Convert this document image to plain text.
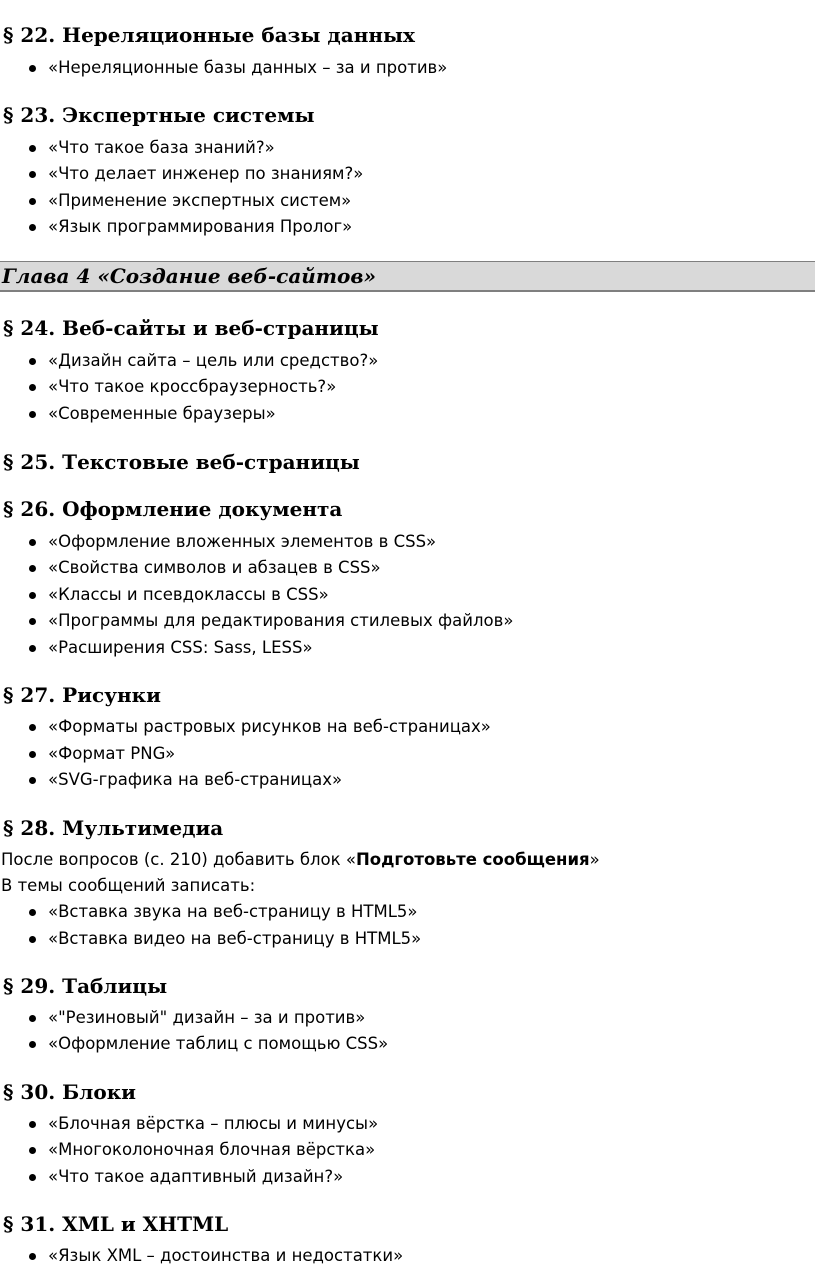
§ 22. Нереляционные базы данных
«Нереляционные базы данных – за и против»
§ 23. Экспертные системы
«Что такое база знаний?»
«Что делает инженер по знаниям?»
«Применение экспертных систем»
«Язык программирования Пролог»
Глава 4 «Создание веб-сайтов»
§ 24. Веб-сайты и веб-страницы
«Дизайн сайта – цель или средство?»
«Что такое кроссбраузерность?»
«Современные браузеры»
§ 25. Текстовые веб-страницы
§ 26. Оформление документа
«Оформление вложенных элементов в CSS»
«Свойства символов и абзацев в CSS»
«Классы и псевдоклассы в CSS»
«Программы для редактирования стилевых файлов»
«Расширения CSS: Sass, LESS»
§ 27. Рисунки
«Форматы растровых рисунков на веб-страницах»
«Формат PNG»
«SVG-графика на веб-страницах»
§ 28. Мультимедиа
После вопросов (с. 210) добавить блок «Подготовьте сообщения»
В темы сообщений записать:
«Вставка звука на веб-страницу в HTML5»
«Вставка видео на веб-страницу в HTML5»
§ 29. Таблицы
«"Резиновый" дизайн – за и против»
«Оформление таблиц с помощью CSS»
§ 30. Блоки
«Блочная вёрстка – плюсы и минусы»
«Многоколоночная блочная вёрстка»
«Что такое адаптивный дизайн?»
§ 31. XML и XHTML
«Язык XML – достоинства и недостатки»
